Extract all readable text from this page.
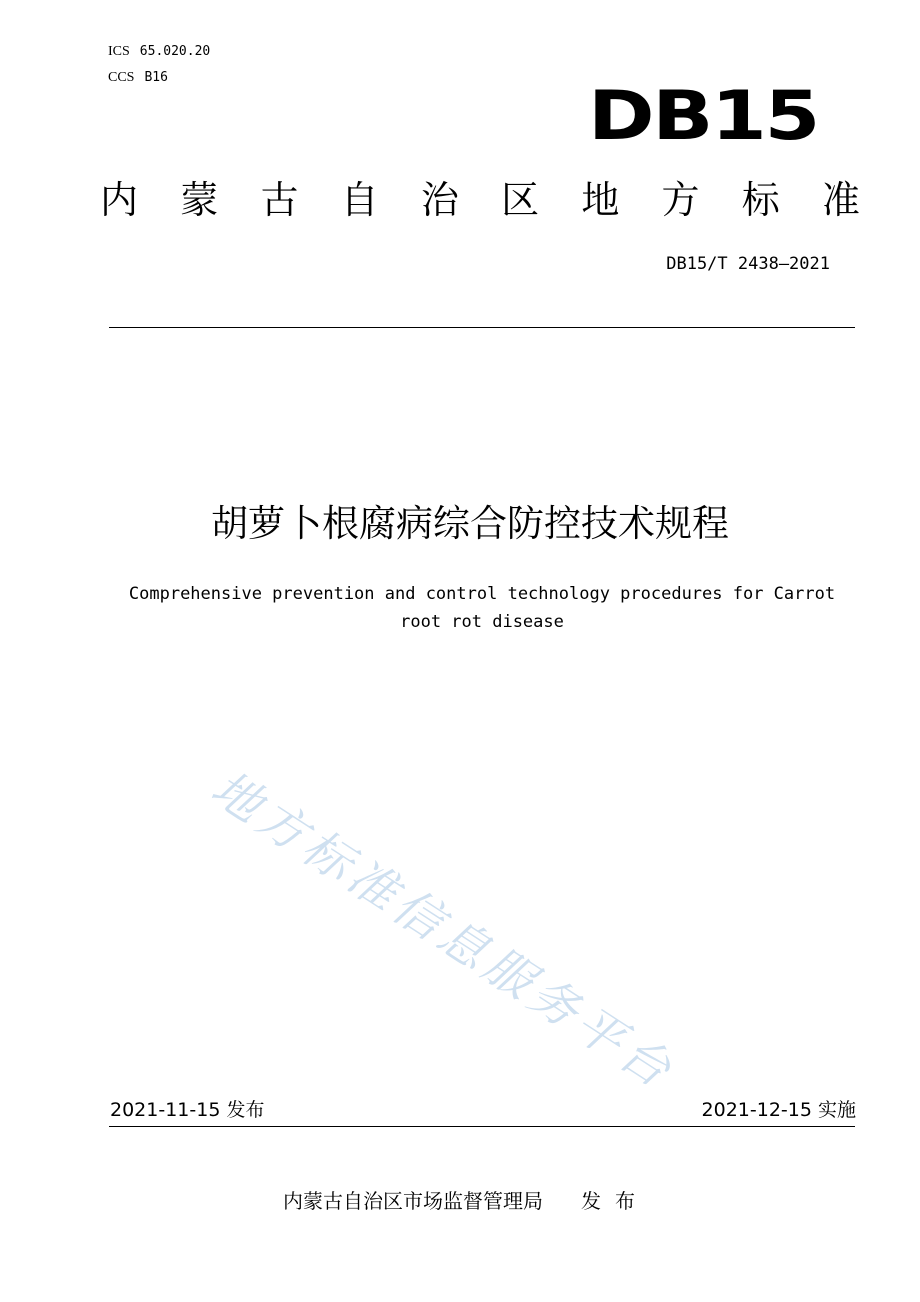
ICS 65.020.20
CCS B16	DB15
内 蒙 古 自 治 区 地 方 标 准
DB15/T 2438—2021
胡萝卜根腐病综合防控技术规程
Comprehensive prevention and control technology procedures for Carrot root rot disease
地方标准信息服务平台
2021-11-15 发布	2021-12-15 实施
内蒙古自治区市场监督管理局 发布
